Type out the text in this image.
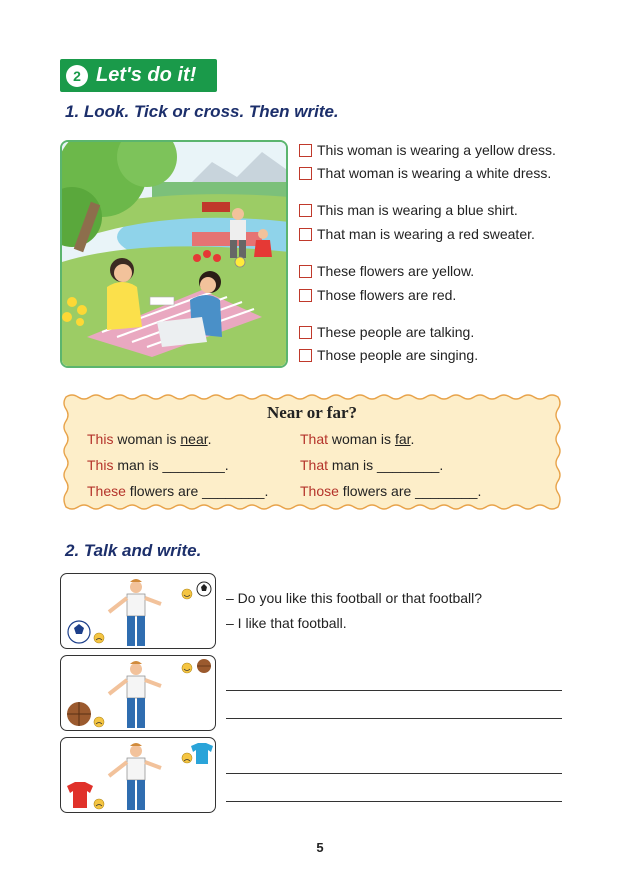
2 Let's do it!
1. Look. Tick or cross. Then write.
This woman is wearing a yellow dress.
That woman is wearing a white dress.
This man is wearing a blue shirt.
That man is wearing a red sweater.
These flowers are yellow.
Those flowers are red.
These people are talking.
Those people are singing.
Near or far?
This woman is near.	That woman is far.
This man is ________.	That man is ________.
These flowers are ________. Those flowers are ________.
2. Talk and write.
– Do you like this football or that football?
– I like that football.
5
